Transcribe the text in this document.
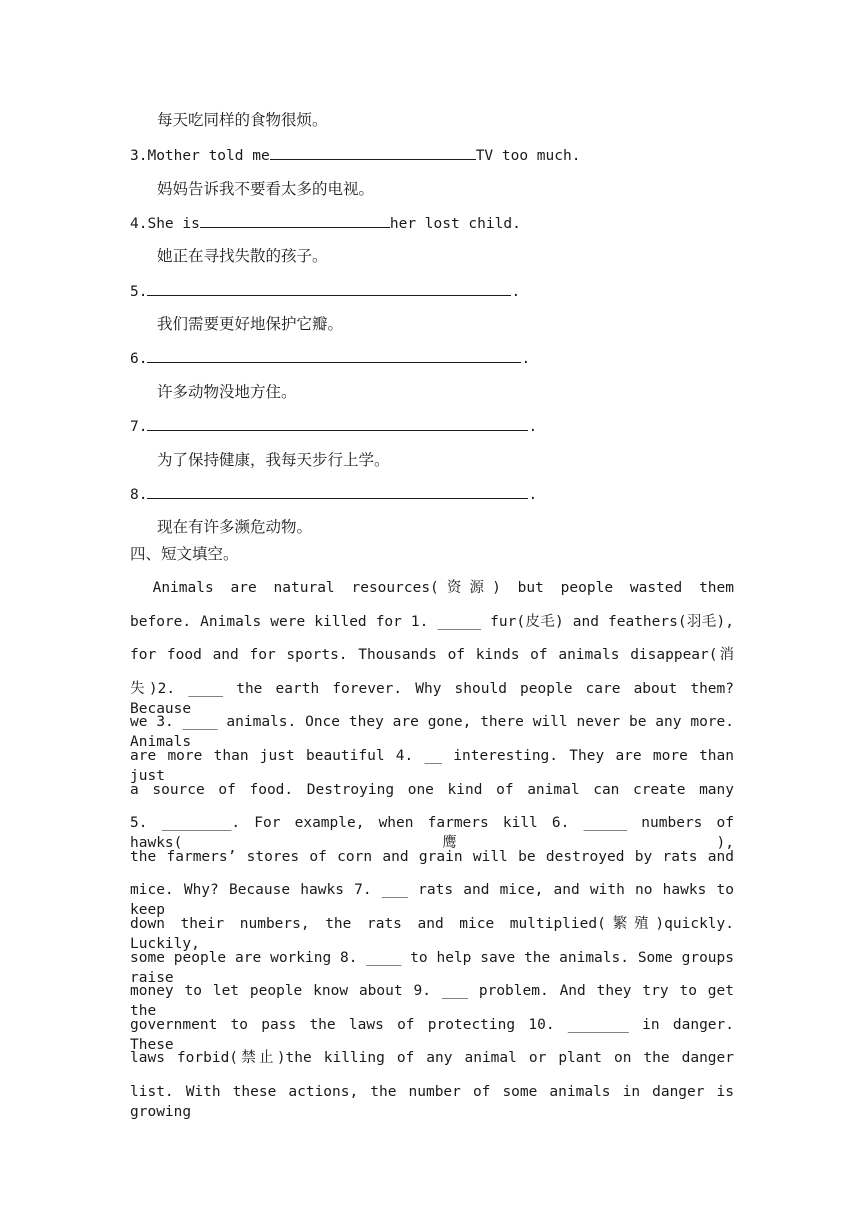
每天吃同样的食物很烦。
3.Mother told me	TV too much.
妈妈告诉我不要看太多的电视。
4.She is	her lost child.
她正在寻找失散的孩子。
5.	.
我们需要更好地保护它瓣。
6.	.
许多动物没地方住。
7.	.
为了保持健康，我每天步行上学。
8.	.
现在有许多濒危动物。
四、短文填空。
　Animals are natural resources(资源) but people wasted them
before. Animals were killed for 1. _____ fur(皮毛) and feathers(羽毛),
for food and for sports. Thousands of kinds of animals disappear(消
失)2. ____ the earth forever. Why should people care about them? Because
we 3. ____ animals. Once they are gone, there will never be any more. Animals
are more than just beautiful 4. __ interesting. They are more than just
a source of food. Destroying one kind of animal can create many
5. ________. For example, when farmers kill 6. _____ numbers of hawks(鹰),
the farmers’ stores of corn and grain will be destroyed by rats and
mice. Why? Because hawks 7. ___ rats and mice, and with no hawks to keep
down their numbers, the rats and mice multiplied(繁殖)quickly. Luckily,
some people are working 8. ____ to help save the animals. Some groups raise
money to let people know about 9. ___ problem. And they try to get the
government to pass the laws of protecting 10. _______ in danger. These
laws forbid(禁止)the killing of any animal or plant on the danger
list. With these actions, the number of some animals in danger is growing
